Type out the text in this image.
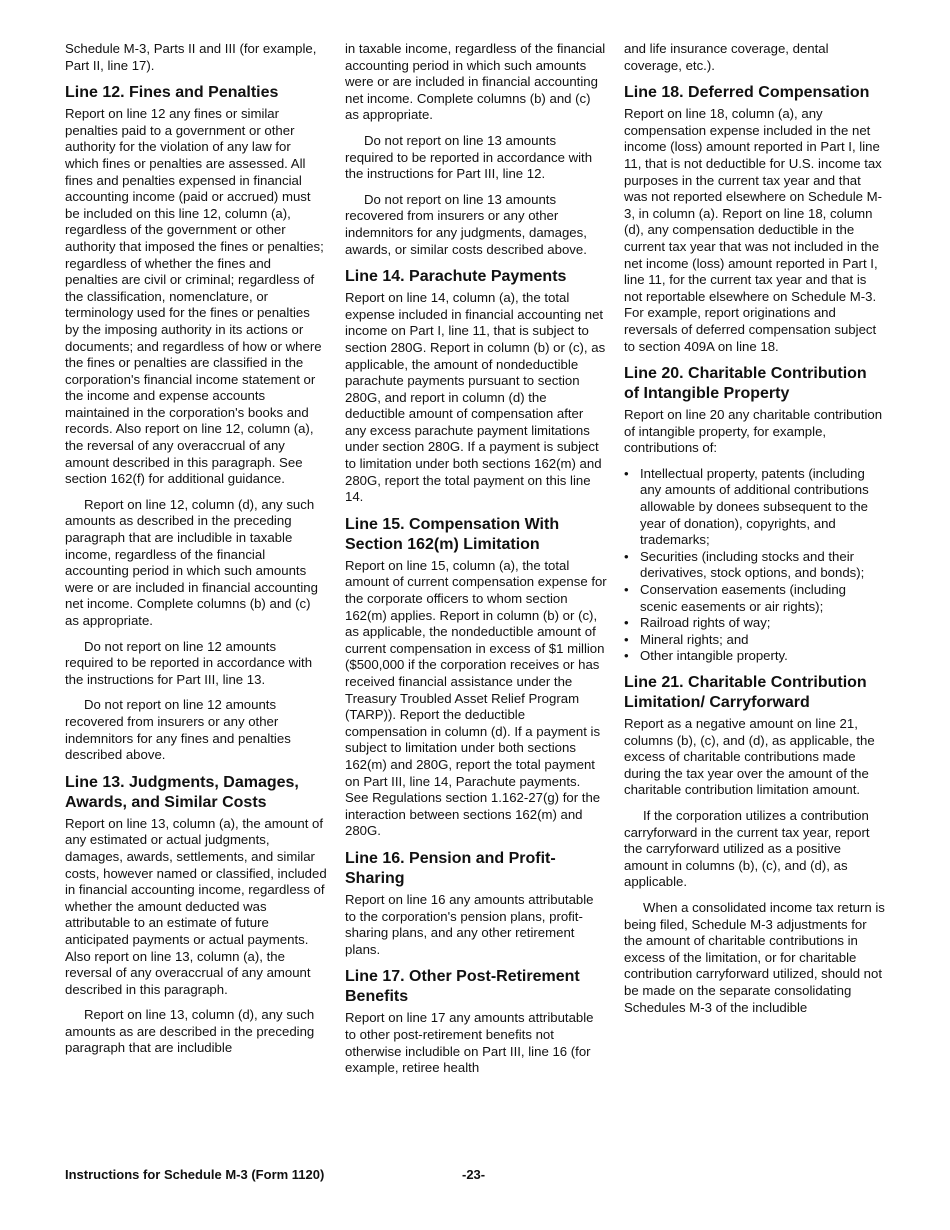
Schedule M-3, Parts II and III (for example, Part II, line 17).

Line 12. Fines and Penalties

Report on line 12 any fines or similar penalties paid to a government or other authority for the violation of any law for which fines or penalties are assessed. All fines and penalties expensed in financial accounting income (paid or accrued) must be included on this line 12, column (a), regardless of the government or other authority that imposed the fines or penalties; regardless of whether the fines and penalties are civil or criminal; regardless of the classification, nomenclature, or terminology used for the fines or penalties by the imposing authority in its actions or documents; and regardless of how or where the fines or penalties are classified in the corporation's financial income statement or the income and expense accounts maintained in the corporation's books and records. Also report on line 12, column (a), the reversal of any overaccrual of any amount described in this paragraph. See section 162(f) for additional guidance.

Report on line 12, column (d), any such amounts as described in the preceding paragraph that are includible in taxable income, regardless of the financial accounting period in which such amounts were or are included in financial accounting net income. Complete columns (b) and (c) as appropriate.

Do not report on line 12 amounts required to be reported in accordance with the instructions for Part III, line 13.

Do not report on line 12 amounts recovered from insurers or any other indemnitors for any fines and penalties described above.

Line 13. Judgments, Damages, Awards, and Similar Costs

Report on line 13, column (a), the amount of any estimated or actual judgments, damages, awards, settlements, and similar costs, however named or classified, included in financial accounting income, regardless of whether the amount deducted was attributable to an estimate of future anticipated payments or actual payments. Also report on line 13, column (a), the reversal of any overaccrual of any amount described in this paragraph.

Report on line 13, column (d), any such amounts as are described in the preceding paragraph that are includible

in taxable income, regardless of the financial accounting period in which such amounts were or are included in financial accounting net income. Complete columns (b) and (c) as appropriate.

Do not report on line 13 amounts required to be reported in accordance with the instructions for Part III, line 12.

Do not report on line 13 amounts recovered from insurers or any other indemnitors for any judgments, damages, awards, or similar costs described above.

Line 14. Parachute Payments

Report on line 14, column (a), the total expense included in financial accounting net income on Part I, line 11, that is subject to section 280G. Report in column (b) or (c), as applicable, the amount of nondeductible parachute payments pursuant to section 280G, and report in column (d) the deductible amount of compensation after any excess parachute payment limitations under section 280G. If a payment is subject to limitation under both sections 162(m) and 280G, report the total payment on this line 14.

Line 15. Compensation With Section 162(m) Limitation

Report on line 15, column (a), the total amount of current compensation expense for the corporate officers to whom section 162(m) applies. Report in column (b) or (c), as applicable, the nondeductible amount of current compensation in excess of $1 million ($500,000 if the corporation receives or has received financial assistance under the Treasury Troubled Asset Relief Program (TARP)). Report the deductible compensation in column (d). If a payment is subject to limitation under both sections 162(m) and 280G, report the total payment on Part III, line 14, Parachute payments. See Regulations section 1.162-27(g) for the interaction between sections 162(m) and 280G.

Line 16. Pension and Profit-Sharing

Report on line 16 any amounts attributable to the corporation's pension plans, profit-sharing plans, and any other retirement plans.

Line 17. Other Post-Retirement Benefits

Report on line 17 any amounts attributable to other post-retirement benefits not otherwise includible on Part III, line 16 (for example, retiree health

and life insurance coverage, dental coverage, etc.).

Line 18. Deferred Compensation

Report on line 18, column (a), any compensation expense included in the net income (loss) amount reported in Part I, line 11, that is not deductible for U.S. income tax purposes in the current tax year and that was not reported elsewhere on Schedule M-3, in column (a). Report on line 18, column (d), any compensation deductible in the current tax year that was not included in the net income (loss) amount reported in Part I, line 11, for the current tax year and that is not reportable elsewhere on Schedule M-3. For example, report originations and reversals of deferred compensation subject to section 409A on line 18.

Line 20. Charitable Contribution of Intangible Property

Report on line 20 any charitable contribution of intangible property, for example, contributions of:

• Intellectual property, patents (including any amounts of additional contributions allowable by donees subsequent to the year of donation), copyrights, and trademarks;
• Securities (including stocks and their derivatives, stock options, and bonds);
• Conservation easements (including scenic easements or air rights);
• Railroad rights of way;
• Mineral rights; and
• Other intangible property.
Line 21. Charitable Contribution Limitation/ Carryforward

Report as a negative amount on line 21, columns (b), (c), and (d), as applicable, the excess of charitable contributions made during the tax year over the amount of the charitable contribution limitation amount.

If the corporation utilizes a contribution carryforward in the current tax year, report the carryforward utilized as a positive amount in columns (b), (c), and (d), as applicable.

When a consolidated income tax return is being filed, Schedule M-3 adjustments for the amount of charitable contributions in excess of the limitation, or for charitable contribution carryforward utilized, should not be made on the separate consolidating Schedules M-3 of the includible

Instructions for Schedule M-3 (Form 1120)	-23-
